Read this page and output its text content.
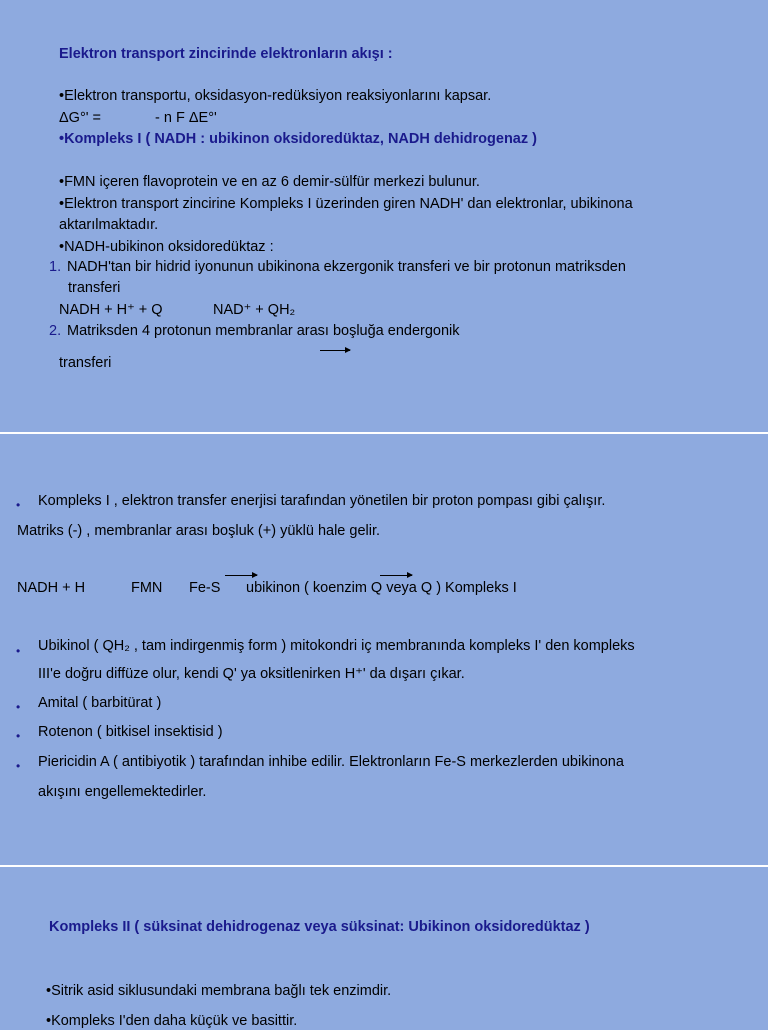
Elektron transport zincirinde elektronların akışı :
•Elektron transportu, oksidasyon-redüksiyon reaksiyonlarını kapsar.
ΔG°' =	- n F ΔE°'
•Kompleks I ( NADH : ubikinon oksidoredüktaz, NADH dehidrogenaz )
•FMN içeren flavoprotein ve en az 6 demir-sülfür merkezi bulunur.
•Elektron transport zincirine Kompleks I üzerinden giren NADH' dan elektronlar, ubikinona
aktarılmaktadır.
•NADH-ubikinon oksidoredüktaz :
1. NADH'tan bir hidrid iyonunun ubikinona ekzergonik transferi ve bir protonun matriksden
transferi
NADH + H⁺ + Q	NAD⁺ + QH₂
2. Matriksden 4 protonun membranlar arası boşluğa endergonik
transferi
• Kompleks I , elektron transfer enerjisi tarafından yönetilen bir proton pompası gibi çalışır.
Matriks (-) , membranlar arası boşluk (+) yüklü hale gelir.
NADH + H	FMN Fe-S ubikinon ( koenzim Q veya Q ) Kompleks I
• Ubikinol ( QH₂ , tam indirgenmiş form ) mitokondri iç membranında kompleks I' den kompleks
III'e doğru diffüze olur, kendi Q' ya oksitlenirken H⁺' da dışarı çıkar.
• Amital ( barbitürat )
• Rotenon ( bitkisel insektisid )
• Piericidin A ( antibiyotik ) tarafından inhibe edilir. Elektronların Fe-S merkezlerden ubikinona
akışını engellemektedirler.
Kompleks II ( süksinat dehidrogenaz veya süksinat: Ubikinon oksidoredüktaz )
•Sitrik asid siklusundaki membrana bağlı tek enzimdir.
•Kompleks I'den daha küçük ve basittir.
